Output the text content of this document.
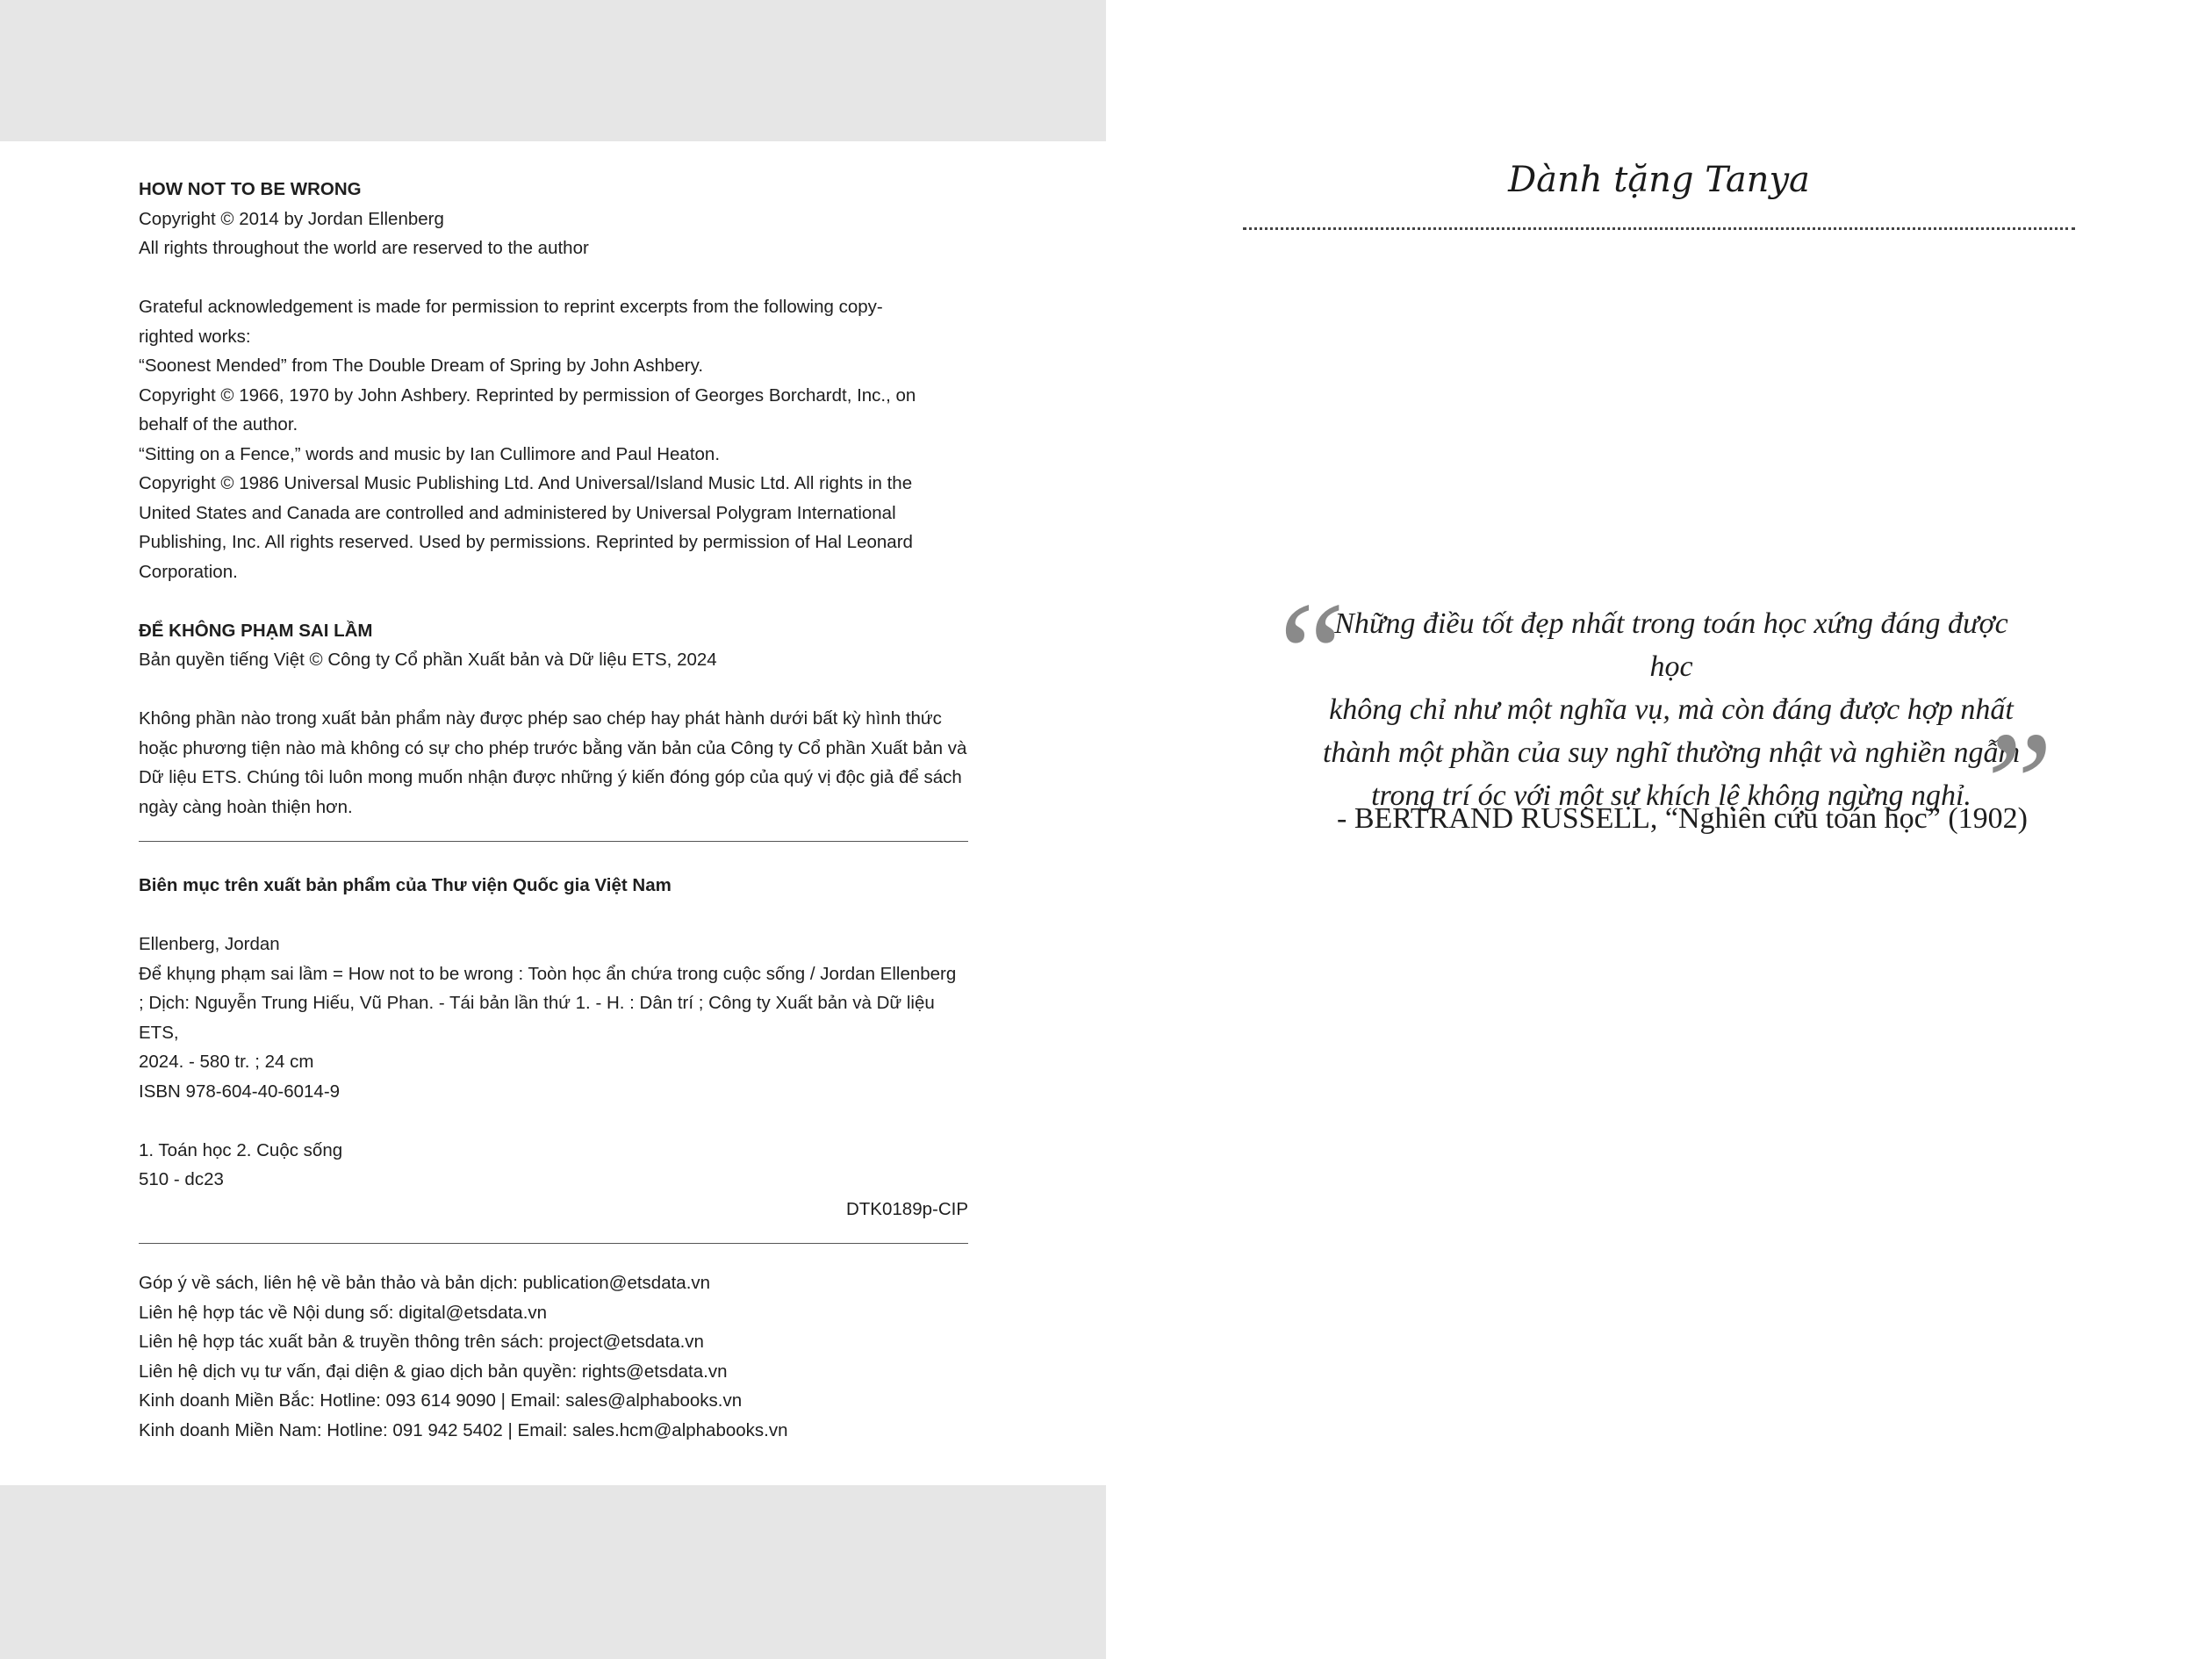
HOW NOT TO BE WRONG

Copyright © 2014 by Jordan Ellenberg

All rights throughout the world are reserved to the author

Grateful acknowledgement is made for permission to reprint excerpts from the following copy-

righted works:

“Soonest Mended” from The Double Dream of Spring by John Ashbery.

Copyright © 1966, 1970 by John Ashbery. Reprinted by permission of Georges Borchardt, Inc., on

behalf of the author.

“Sitting on a Fence,” words and music by Ian Cullimore and Paul Heaton.

Copyright © 1986 Universal Music Publishing Ltd. And Universal/Island Music Ltd. All rights in the

United States and Canada are controlled and administered by Universal Polygram International

Publishing, Inc. All rights reserved. Used by permissions. Reprinted by permission of Hal Leonard

Corporation.

ĐỂ KHÔNG PHẠM SAI LẦM

Bản quyền tiếng Việt © Công ty Cổ phần Xuất bản và Dữ liệu ETS, 2024

Không phần nào trong xuất bản phẩm này được phép sao chép hay phát hành dưới bất kỳ hình thức

hoặc phương tiện nào mà không có sự cho phép trước bằng văn bản của Công ty Cổ phần Xuất bản và

Dữ liệu ETS. Chúng tôi luôn mong muốn nhận được những ý kiến đóng góp của quý vị độc giả để sách

ngày càng hoàn thiện hơn.

Biên mục trên xuất bản phẩm của Thư viện Quốc gia Việt Nam

Ellenberg, Jordan

Để khụng phạm sai lầm = How not to be wrong : Toòn học ẩn chứa trong cuộc sống / Jordan Ellenberg

; Dịch: Nguyễn Trung Hiếu, Vũ Phan. - Tái bản lần thứ 1. - H. : Dân trí ; Công ty Xuất bản và Dữ liệu ETS,

2024. - 580 tr. ; 24 cm

ISBN 978-604-40-6014-9

1. Toán học 2. Cuộc sống

510 - dc23

DTK0189p-CIP

Góp ý về sách, liên hệ về bản thảo và bản dịch: publication@etsdata.vn

Liên hệ hợp tác về Nội dung số: digital@etsdata.vn

Liên hệ hợp tác xuất bản & truyền thông trên sách: project@etsdata.vn

Liên hệ dịch vụ tư vấn, đại diện & giao dịch bản quyền: rights@etsdata.vn

Kinh doanh Miền Bắc: Hotline: 093 614 9090 | Email: sales@alphabooks.vn

Kinh doanh Miền Nam: Hotline: 091 942 5402 | Email: sales.hcm@alphabooks.vn

Dành tặng Tanya
“
Những điều tốt đẹp nhất trong toán học xứng đáng được học
không chỉ như một nghĩa vụ, mà còn đáng được hợp nhất
thành một phần của suy nghĩ thường nhật và nghiền ngẫm
trong trí óc với một sự khích lệ không ngừng nghỉ. ”
- BERTRAND RUSSELL, “Nghiên cứu toán học” (1902)
